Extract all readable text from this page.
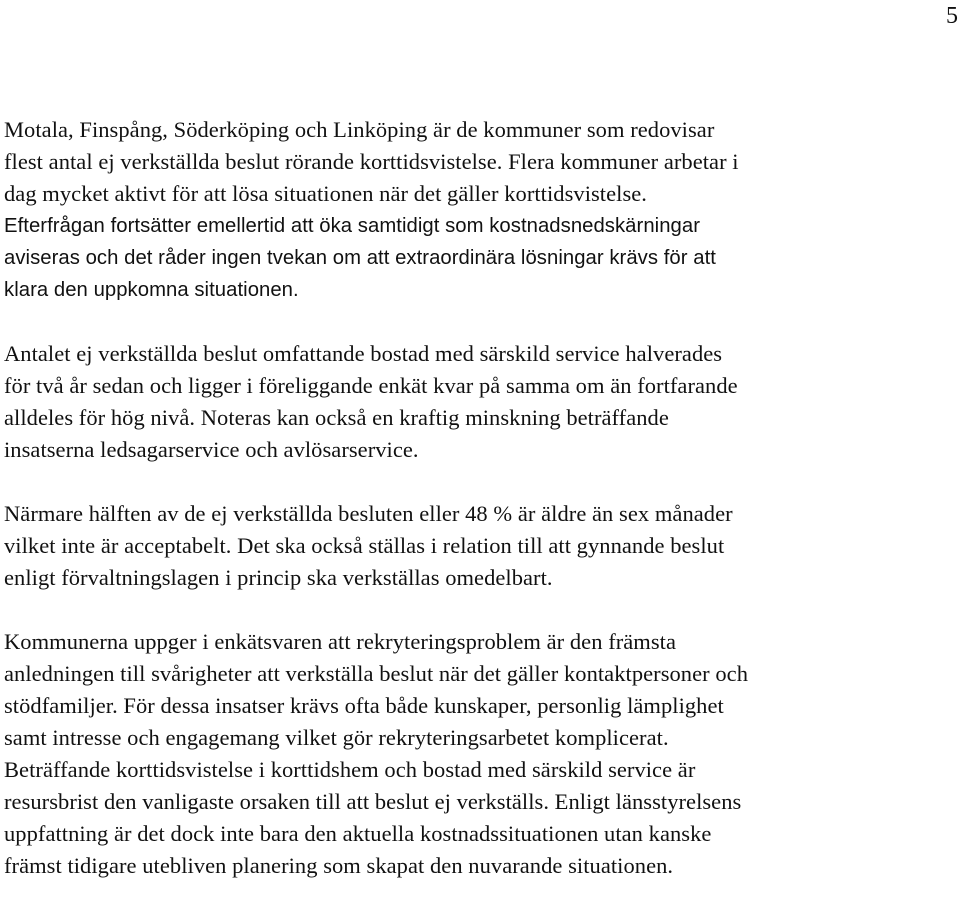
5

Motala, Finspång, Söderköping och Linköping är de kommuner som redovisar
flest antal ej verkställda beslut rörande korttidsvistelse. Flera kommuner arbetar i
dag mycket aktivt för att lösa situationen när det gäller korttidsvistelse.
Efterfrågan fortsätter emellertid att öka samtidigt som kostnadsnedskärningar
aviseras och det råder ingen tvekan om att extraordinära lösningar krävs för att
klara den uppkomna situationen.

Antalet ej verkställda beslut omfattande bostad med särskild service halverades
för två år sedan och ligger i föreliggande enkät kvar på samma om än fortfarande
alldeles för hög nivå. Noteras kan också en kraftig minskning beträffande
insatserna ledsagarservice och avlösarservice.

Närmare hälften av de ej verkställda besluten eller 48 % är äldre än sex månader
vilket inte är acceptabelt. Det ska också ställas i relation till att gynnande beslut
enligt förvaltningslagen i princip ska verkställas omedelbart.

Kommunerna uppger i enkätsvaren att rekryteringsproblem är den främsta
anledningen till svårigheter att verkställa beslut när det gäller kontaktpersoner och
stödfamiljer. För dessa insatser krävs ofta både kunskaper, personlig lämplighet
samt intresse och engagemang vilket gör rekryteringsarbetet komplicerat.
Beträffande korttidsvistelse i korttidshem och bostad med särskild service är
resursbrist den vanligaste orsaken till att beslut ej verkställs. Enligt länsstyrelsens
uppfattning är det dock inte bara den aktuella kostnadssituationen utan kanske
främst tidigare utebliven planering som skapat den nuvarande situationen.
